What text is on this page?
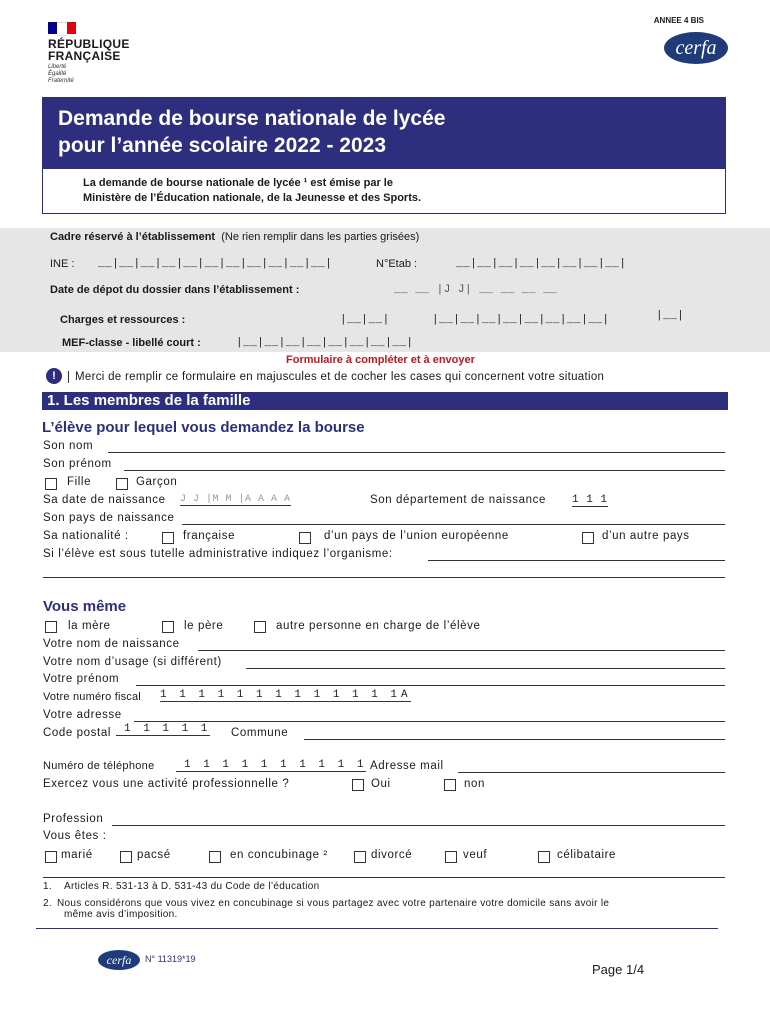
RÉPUBLIQUE
FRANÇAISE
Liberté
Égalité
Fraternité
ANNEE 4 BIS
cerfa
Demande de bourse nationale de lycée
pour l’année scolaire 2022 - 2023
La demande de bourse nationale de lycée ¹ est émise par le
Ministère de l’Éducation nationale, de la Jeunesse et des Sports.
Cadre réservé à l’établissement (Ne rien remplir dans les parties grisées)
INE : __|__|__|__|__|__|__|__|__|__|__|	N°Etab :	__|__|__|__|__|__|__|__|
Date de dépot du dossier dans l’établissement :	__ __ |J J| __ __ __ __
Charges et ressources :	|__|__|	|__|__|__|__|__|__|__|__|	|__|
MEF-classe - libellé court :	|__|__|__|__|__|__|__|__|
Formulaire à compléter et à envoyer
!	Merci de remplir ce formulaire en majuscules et de cocher les cases qui concernent votre situation
1. Les membres de la famille
L’élève pour lequel vous demandez la bourse
Son nom
Son prénom
Fille	Garçon
Sa date de naissance J J |M M |A A A A	Son département de naissance 1 1 1
Son pays de naissance
Sa nationalité :	française	d’un pays de l’union européenne	d’un autre pays
Si l’élève est sous tutelle administrative indiquez l’organisme:
Vous même
la mère	le père	autre personne en charge de l’élève
Votre nom de naissance
Votre nom d’usage (si différent)
Votre prénom
Votre numéro fiscal 1 1 1 1 1 1 1 1 1 1 1 1 1 A
Votre adresse
Code postal	1 1 1 1 1 Commune
Numéro de téléphone	1 1 1 1 1 1 1 1 1 1 Adresse mail
Exercez vous une activité professionnelle ?	Oui	non
Profession
Vous êtes :
marié	pacsé	en concubinage ²	divorcé	veuf	célibataire
1. Articles R. 531-13 à D. 531-43 du Code de l’éducation
2. Nous considérons que vous vivez en concubinage si vous partagez avec votre partenaire votre domicile sans avoir le
même avis d’imposition.
cerfa N° 11319*19
Page 1/4
